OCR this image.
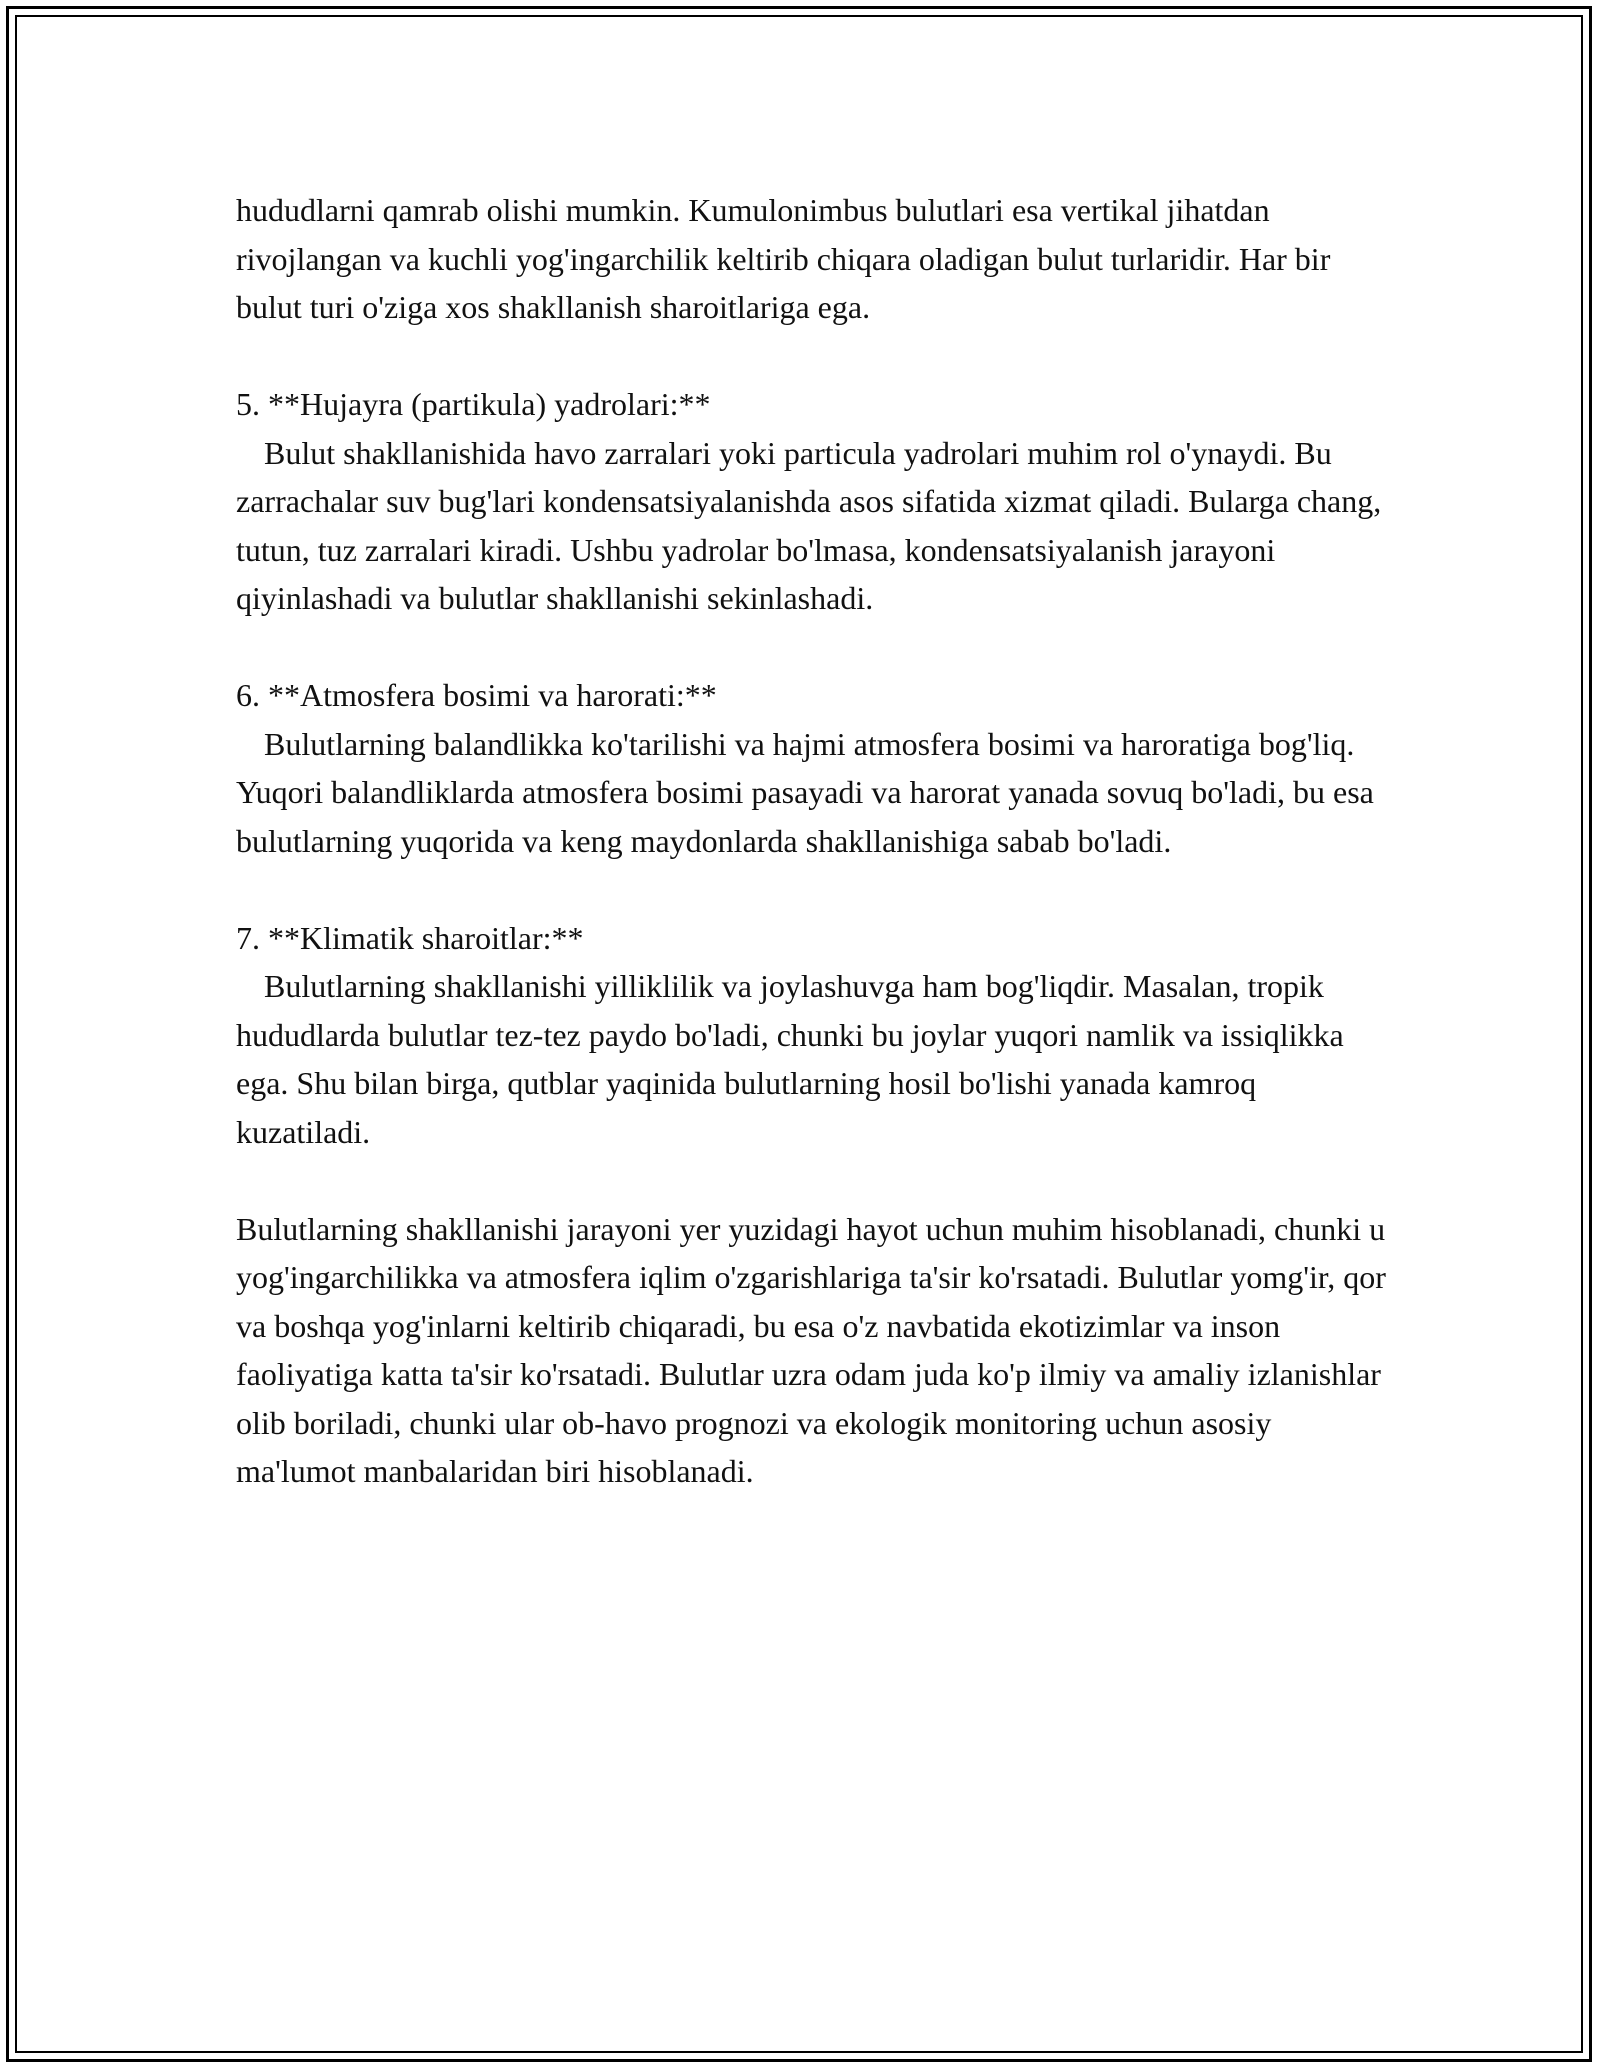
hududlarni qamrab olishi mumkin. Kumulonimbus bulutlari esa vertikal jihatdan rivojlangan va kuchli yog'ingarchilik keltirib chiqara oladigan bulut turlaridir. Har bir bulut turi o'ziga xos shakllanish sharoitlariga ega.

5. **Hujayra (partikula) yadrolari:**

Bulut shakllanishida havo zarralari yoki particula yadrolari muhim rol o'ynaydi. Bu zarrachalar suv bug'lari kondensatsiyalanishda asos sifatida xizmat qiladi. Bularga chang, tutun, tuz zarralari kiradi. Ushbu yadrolar bo'lmasa, kondensatsiyalanish jarayoni qiyinlashadi va bulutlar shakllanishi sekinlashadi.

6. **Atmosfera bosimi va harorati:**

Bulutlarning balandlikka ko'tarilishi va hajmi atmosfera bosimi va haroratiga bog'liq. Yuqori balandliklarda atmosfera bosimi pasayadi va harorat yanada sovuq bo'ladi, bu esa bulutlarning yuqorida va keng maydonlarda shakllanishiga sabab bo'ladi.

7. **Klimatik sharoitlar:**

Bulutlarning shakllanishi yilliklilik va joylashuvga ham bog'liqdir. Masalan, tropik hududlarda bulutlar tez-tez paydo bo'ladi, chunki bu joylar yuqori namlik va issiqlikka ega. Shu bilan birga, qutblar yaqinida bulutlarning hosil bo'lishi yanada kamroq kuzatiladi.

Bulutlarning shakllanishi jarayoni yer yuzidagi hayot uchun muhim hisoblanadi, chunki u yog'ingarchilikka va atmosfera iqlim o'zgarishlariga ta'sir ko'rsatadi. Bulutlar yomg'ir, qor va boshqa yog'inlarni keltirib chiqaradi, bu esa o'z navbatida ekotizimlar va inson faoliyatiga katta ta'sir ko'rsatadi. Bulutlar uzra odam juda ko'p ilmiy va amaliy izlanishlar olib boriladi, chunki ular ob-havo prognozi va ekologik monitoring uchun asosiy ma'lumot manbalaridan biri hisoblanadi.
